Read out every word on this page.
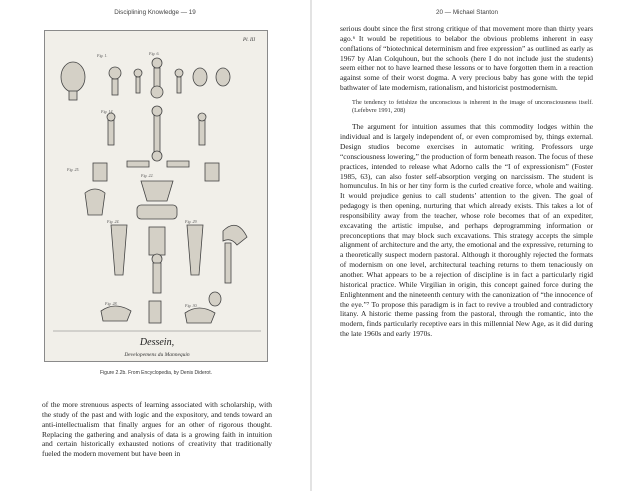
Disciplining Knowledge — 19
Fig. 1.	Fig. 6.
Fig. 14.
Fig. 25.
Fig. 22.
Fig. 24.	Fig. 29.
Fig. 28.	Fig. 30.
Pl. III
Dessein,
Developemens du Mannequin
Figure 2.2b. From Encyclopedia, by Denis Diderot.
of the more strenuous aspects of learning associated with scholarship, with the study of the past and with logic and the expository, and tends toward an anti-intellectualism that finally argues for an other of rigorous thought. Replacing the gathering and analysis of data is a growing faith in intuition and certain historically exhausted notions of creativity that traditionally fueled the modern movement but have been in
20 — Michael Stanton

serious doubt since the first strong critique of that movement more than thirty years ago.⁶ It would be repetitious to belabor the obvious problems inherent in easy conflations of “biotechnical determinism and free expression” as outlined as early as 1967 by Alan Colquhoun, but the schools (here I do not include just the students) seem either not to have learned these lessons or to have forgotten them in a reaction against some of their worst dogma. A very precious baby has gone with the tepid bathwater of late modernism, rationalism, and historicist postmodernism.

The tendency to fetishize the unconscious is inherent in the image of unconsciousness itself. (Lefebvre 1991, 208)

The argument for intuition assumes that this commodity lodges within the individual and is largely independent of, or even compromised by, things external. Design studios become exercises in automatic writing. Professors urge “consciousness lowering,” the production of form beneath reason. The focus of these practices, intended to release what Adorno calls the “I of expressionism” (Foster 1985, 63), can also foster self-absorption verging on narcissism. The student is homunculus. In his or her tiny form is the curled creative force, whole and waiting. It would prejudice genius to call students’ attention to the given. The goal of pedagogy is then opening, nurturing that which already exists. This takes a lot of responsibility away from the teacher, whose role becomes that of an expediter, excavating the artistic impulse, and perhaps deprogramming information or preconceptions that may block such excavations. This strategy accepts the simple alignment of architecture and the arty, the emotional and the expressive, returning to a theoretically suspect modern pastoral. Although it thoroughly rejected the formats of modernism on one level, architectural teaching returns to them tenaciously on another. What appears to be a rejection of discipline is in fact a particularly rigid historical practice. While Virgilian in origin, this concept gained force during the Enlightenment and the nineteenth century with the canonization of “the innocence of the eye.”⁷ To propose this paradigm is in fact to revive a troubled and contradictory litany. A historic theme passing from the pastoral, through the romantic, into the modern, finds particularly receptive ears in this millennial New Age, as it did during the late 1960s and early 1970s.
